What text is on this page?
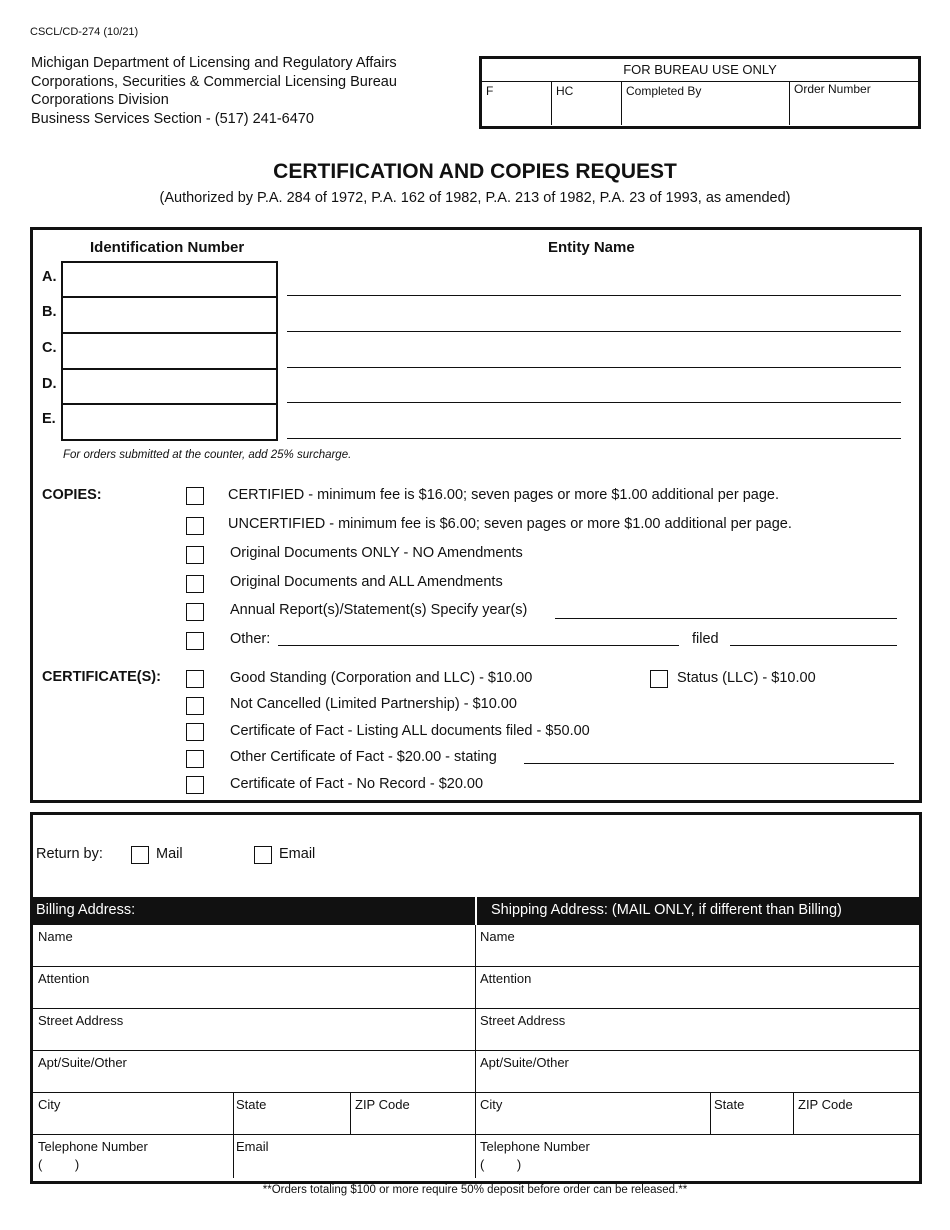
CSCL/CD-274 (10/21)
Michigan Department of Licensing and Regulatory Affairs
Corporations, Securities & Commercial Licensing Bureau
Corporations Division
Business Services Section - (517) 241-6470
FOR BUREAU USE ONLY
F	HC	Completed By	Order Number
CERTIFICATION AND COPIES REQUEST
(Authorized by P.A. 284 of 1972, P.A. 162 of 1982, P.A. 213 of 1982, P.A. 23 of 1993, as amended)
Identification Number	Entity Name
A.
B.
C.
D.
E.
For orders submitted at the counter, add 25% surcharge.
COPIES:	CERTIFIED - minimum fee is $16.00; seven pages or more $1.00 additional per page.
UNCERTIFIED - minimum fee is $6.00; seven pages or more $1.00 additional per page.
Original Documents ONLY - NO Amendments
Original Documents and ALL Amendments
Annual Report(s)/Statement(s) Specify year(s)
Other:	filed
CERTIFICATE(S):	Good Standing (Corporation and LLC) - $10.00	Status (LLC) - $10.00
Not Cancelled (Limited Partnership) - $10.00
Certificate of Fact - Listing ALL documents filed - $50.00
Other Certificate of Fact - $20.00 - stating
Certificate of Fact - No Record - $20.00
Return by:	Mail	Email
Billing Address:	Shipping Address: (MAIL ONLY, if different than Billing)
Name
Attention
Street Address
Apt/Suite/Other
City	State	ZIP Code
Telephone Number
(         )
Email
Name
Attention
Street Address
Apt/Suite/Other
City	State	ZIP Code
Telephone Number
(         )
**Orders totaling $100 or more require 50% deposit before order can be released.**
